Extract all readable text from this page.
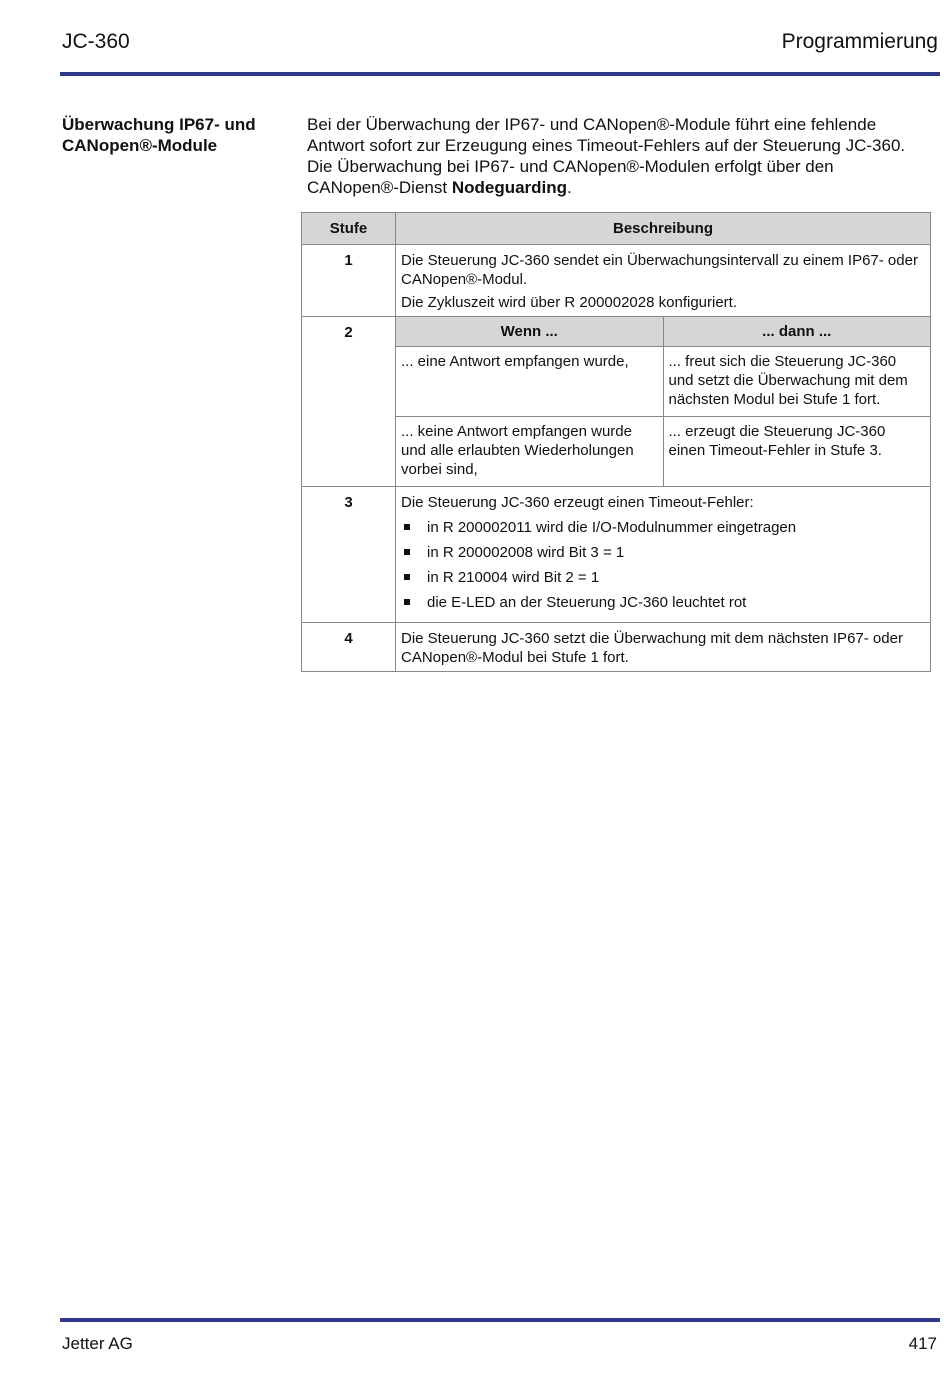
JC-360	Programmierung
Überwachung IP67- und CANopen®-Module
Bei der Überwachung der IP67- und CANopen®-Module führt eine fehlende Antwort sofort zur Erzeugung eines Timeout-Fehlers auf der Steuerung JC-360. Die Überwachung bei IP67- und CANopen®-Modulen erfolgt über den CANopen®-Dienst Nodeguarding.
Stufe	Beschreibung
1	Die Steuerung JC-360 sendet ein Überwachungsintervall zu einem IP67- oder CANopen®-Modul.

Die Zykluszeit wird über R 200002028 konfiguriert.

2		Wenn ...	... dann ...
... eine Antwort empfangen wurde,	... freut sich die Steuerung JC-360 und setzt die Überwachung mit dem nächsten Modul bei Stufe 1 fort.
... keine Antwort empfangen wurde und alle erlaubten Wiederholungen vorbei sind,	... erzeugt die Steuerung JC-360 einen Timeout-Fehler in Stufe 3.

3	Die Steuerung JC-360 erzeugt einen Timeout-Fehler:

in R 200002011 wird die I/O-Modulnummer eingetragen
in R 200002008 wird Bit 3 = 1
in R 210004 wird Bit 2 = 1
die E-LED an der Steuerung JC-360 leuchtet rot

4	Die Steuerung JC-360 setzt die Überwachung mit dem nächsten IP67- oder CANopen®-Modul bei Stufe 1 fort.

Jetter AG	417
